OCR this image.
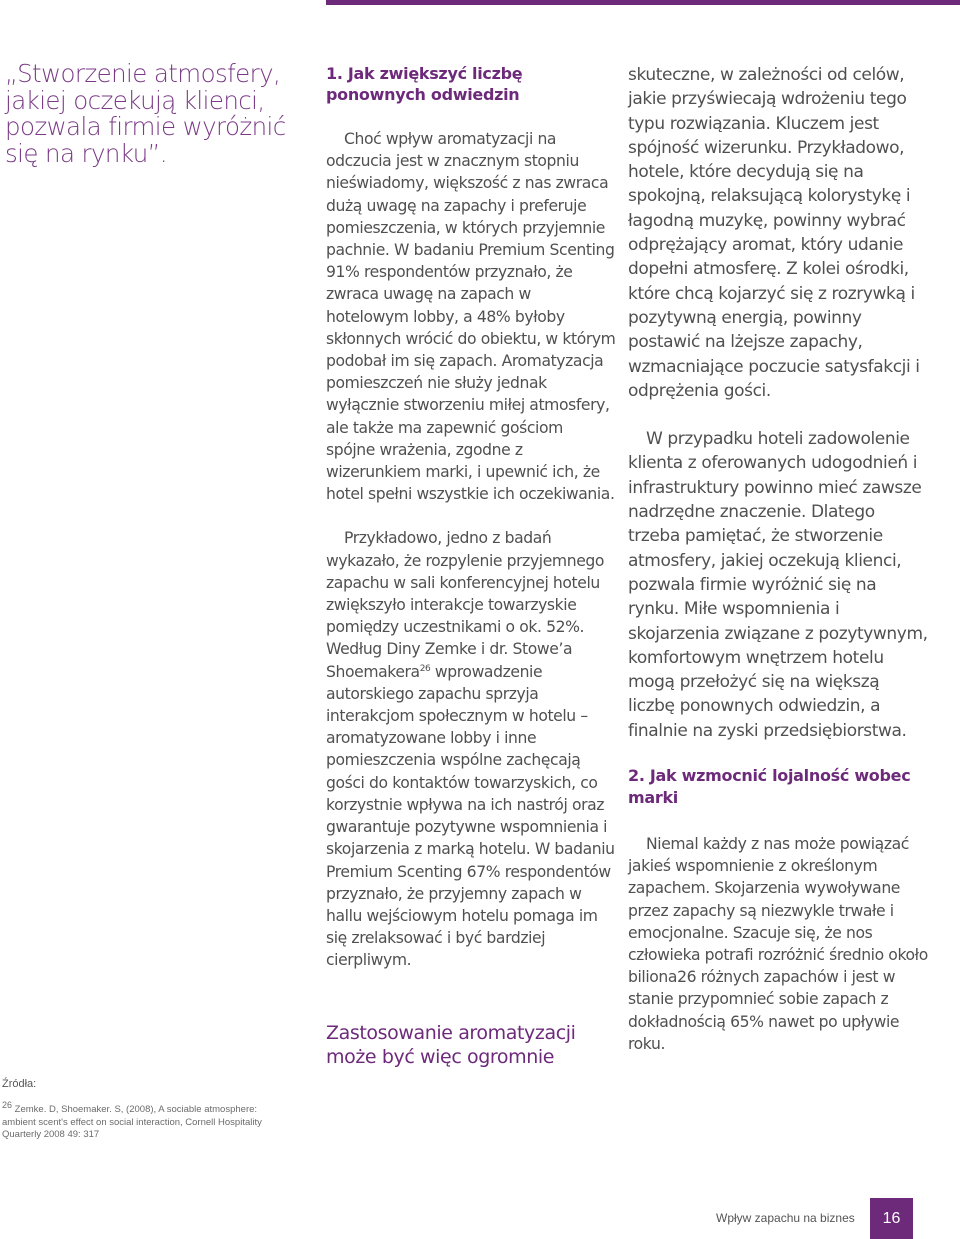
„Stworzenie atmosfery, jakiej oczekują klienci, pozwala firmie wyróżnić się na rynku”.
1. Jak zwiększyć liczbę ponownych odwiedzin

Choć wpływ aromatyzacji na odczucia jest w znacznym stopniu nieświadomy, większość z nas zwraca dużą uwagę na zapachy i preferuje pomieszczenia, w których przyjemnie pachnie. W badaniu Premium Scenting 91% respondentów przyznało, że zwraca uwagę na zapach w hotelowym lobby, a 48% byłoby skłonnych wrócić do obiektu, w którym podobał im się zapach. Aromatyzacja pomieszczeń nie służy jednak wyłącznie stworzeniu miłej atmosfery, ale także ma zapewnić gościom spójne wrażenia, zgodne z wizerunkiem marki, i upewnić ich, że hotel spełni wszystkie ich oczekiwania.

Przykładowo, jedno z badań wykazało, że rozpylenie przyjemnego zapachu w sali konferencyjnej hotelu zwiększyło interakcje towarzyskie pomiędzy uczestnikami o ok. 52%. Według Diny Zemke i dr. Stowe’a Shoemakera$^{26}$ wprowadzenie autorskiego zapachu sprzyja interakcjom społecznym w hotelu – aromatyzowane lobby i inne pomieszczenia wspólne zachęcają gości do kontaktów towarzyskich, co korzystnie wpływa na ich nastrój oraz gwarantuje pozytywne wspomnienia i skojarzenia z marką hotelu. W badaniu Premium Scenting 67% respondentów przyznało, że przyjemny zapach w hallu wejściowym hotelu pomaga im się zrelaksować i być bardziej cierpliwym.

Zastosowanie aromatyzacji może być więc ogromnie

skuteczne, w zależności od celów, jakie przyświecają wdrożeniu tego typu rozwiązania. Kluczem jest spójność wizerunku. Przykładowo, hotele, które decydują się na spokojną, relaksującą kolorystykę i łagodną muzykę, powinny wybrać odprężający aromat, który udanie dopełni atmosferę. Z kolei ośrodki, które chcą kojarzyć się z rozrywką i pozytywną energią, powinny postawić na lżejsze zapachy, wzmacniające poczucie satysfakcji i odprężenia gości.

W przypadku hoteli zadowolenie klienta z oferowanych udogodnień i infrastruktury powinno mieć zawsze nadrzędne znaczenie. Dlatego trzeba pamiętać, że stworzenie atmosfery, jakiej oczekują klienci, pozwala firmie wyróżnić się na rynku. Miłe wspomnienia i skojarzenia związane z pozytywnym, komfortowym wnętrzem hotelu mogą przełożyć się na większą liczbę ponownych odwiedzin, a finalnie na zyski przedsiębiorstwa.

2. Jak wzmocnić lojalność wobec marki

Niemal każdy z nas może powiązać jakieś wspomnienie z określonym zapachem. Skojarzenia wywoływane przez zapachy są niezwykle trwałe i emocjonalne. Szacuje się, że nos człowieka potrafi rozróżnić średnio około biliona26 różnych zapachów i jest w stanie przypomnieć sobie zapach z dokładnością 65% nawet po upływie roku.

Źródła:
$^{26}$ Zemke. D, Shoemaker. S, (2008), A sociable atmosphere: ambient scent's effect on social interaction, Cornell Hospitality Quarterly 2008 49: 317
Wpływ zapachu na biznes	16
